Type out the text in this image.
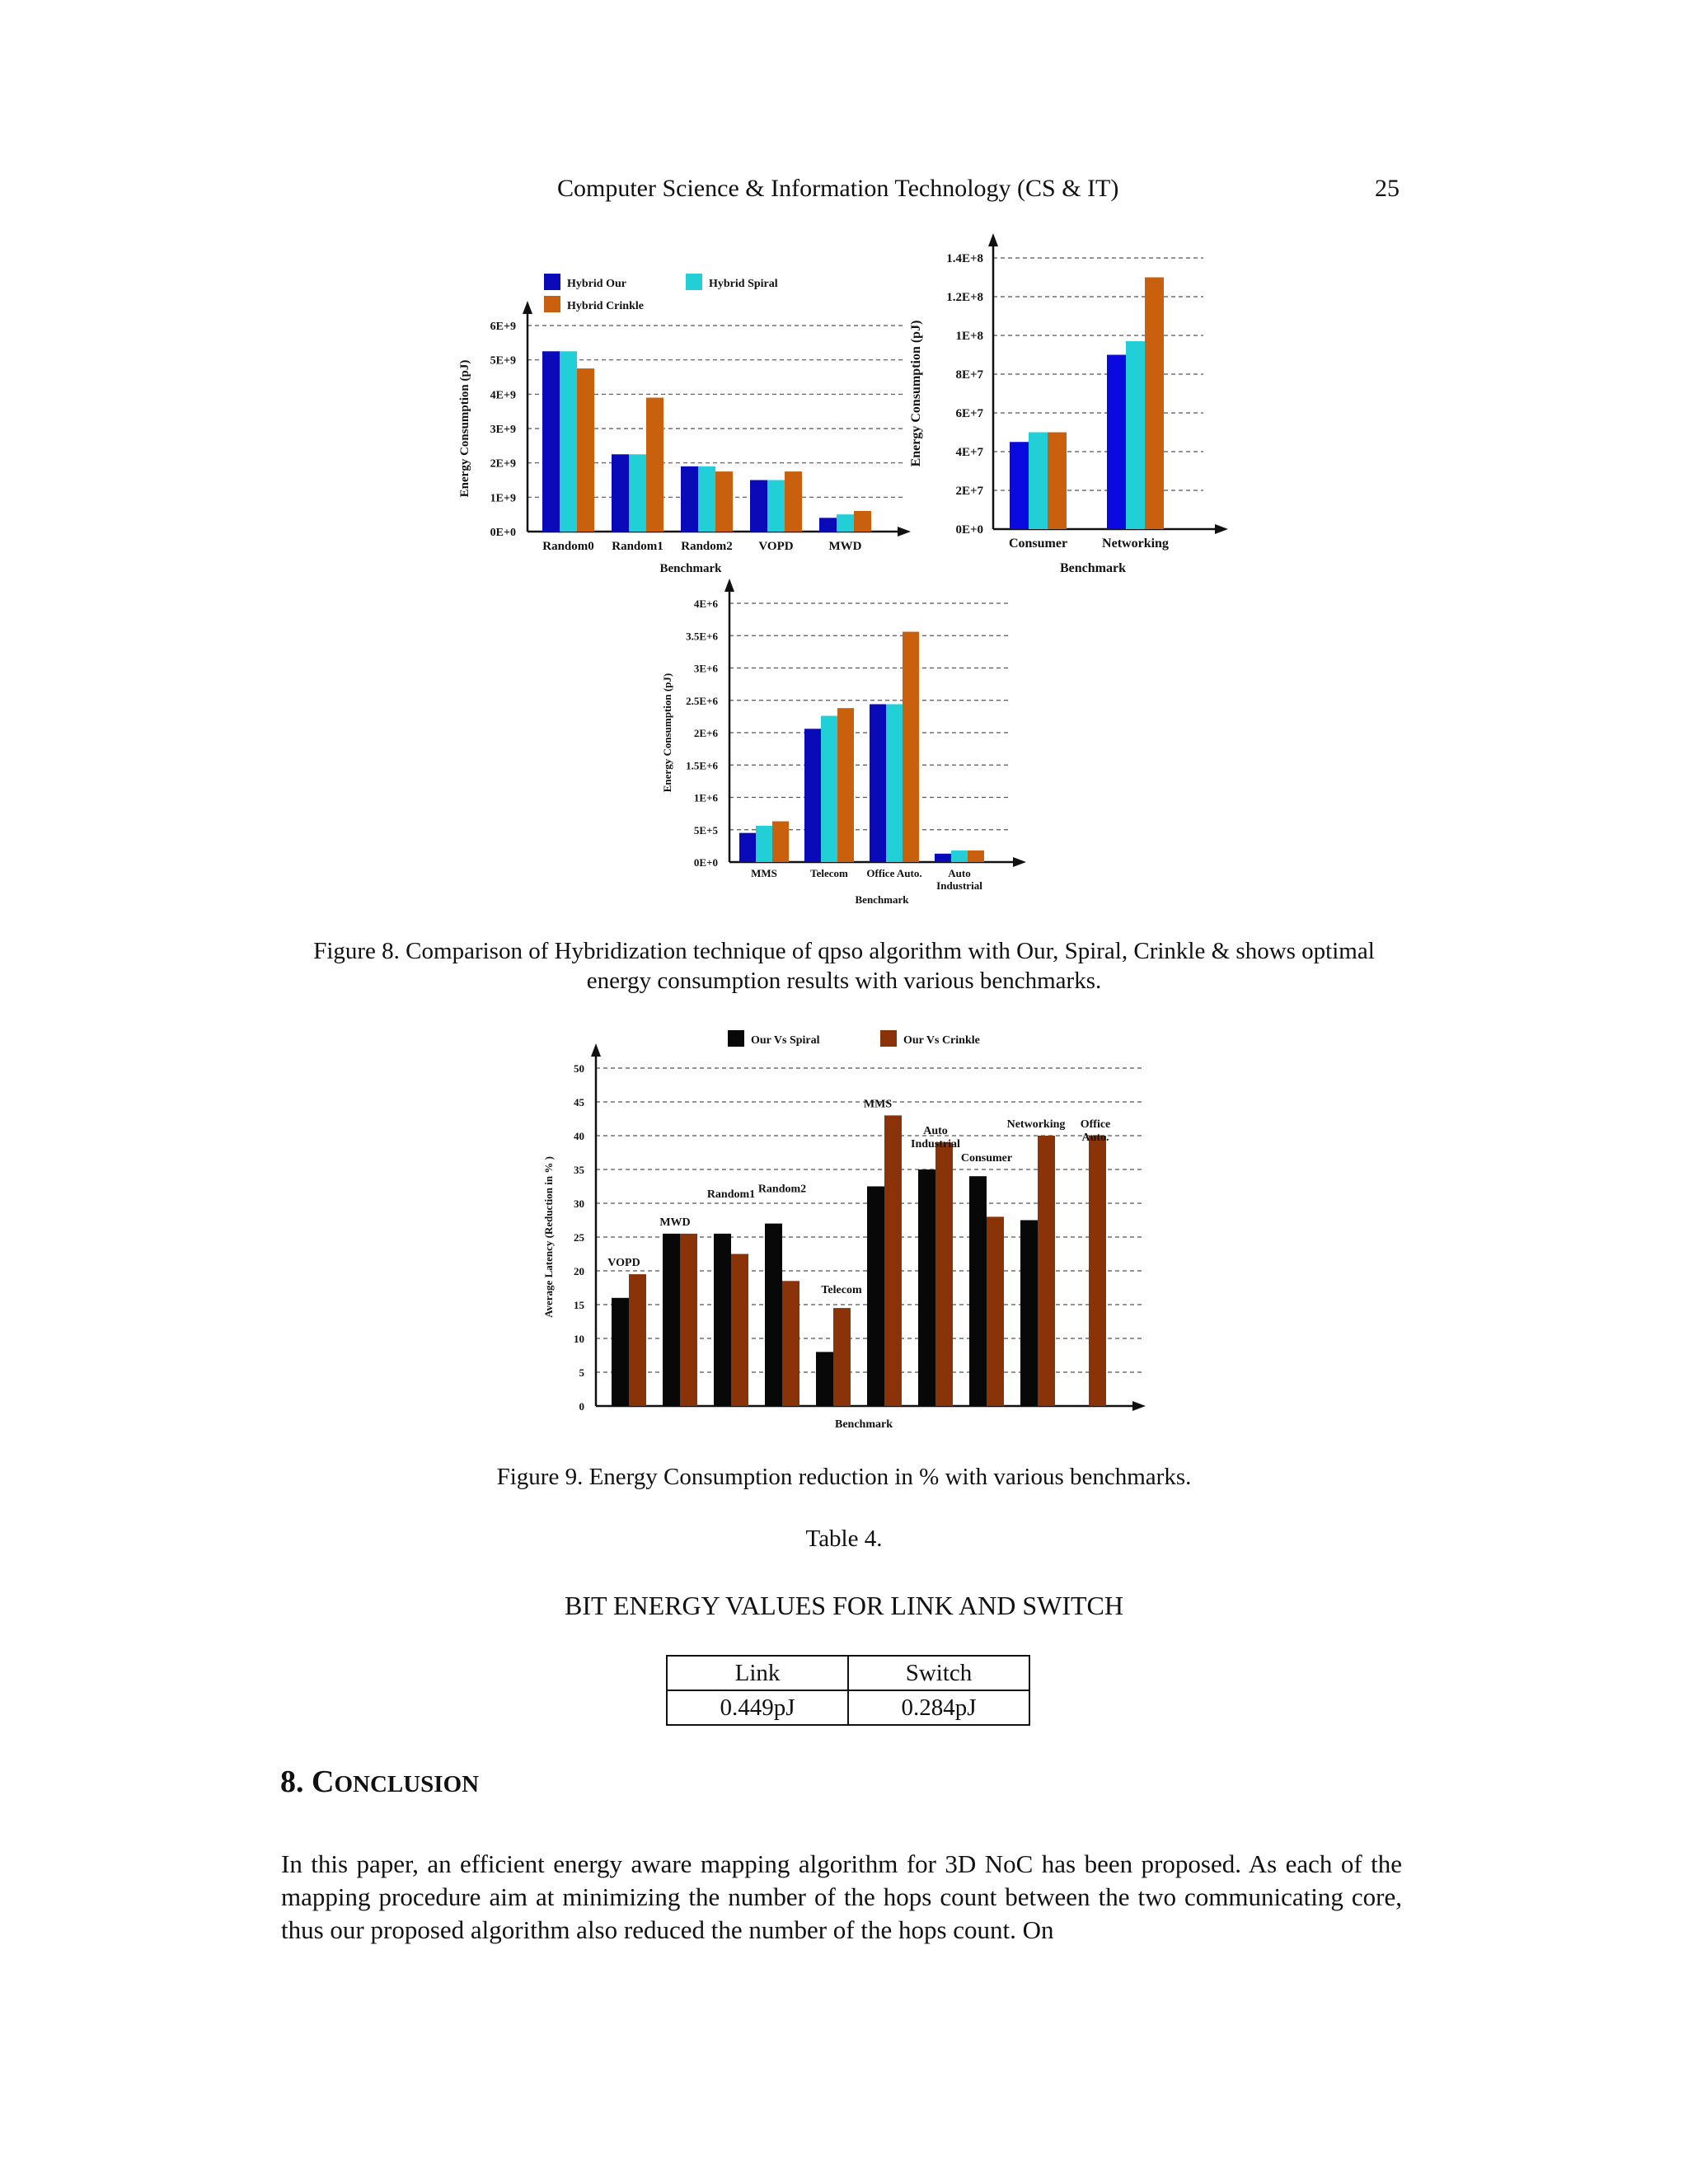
Computer Science & Information Technology (CS & IT)	25
0E+0
1E+9
2E+9
3E+9
4E+9
5E+9
6E+9
Random0 Random1 Random2 VOPD	MWD
Benchmark
Energy Consumption (pJ)
Hybrid Our	Hybrid Spiral
Hybrid Crinkle
0E+0
2E+7
4E+7
6E+7
8E+7
1E+8
1.2E+8
1.4E+8
Consumer	Networking
Benchmark
Energy Consumption (pJ)
0E+0
5E+5
1E+6
1.5E+6
2E+6
2.5E+6
3E+6
3.5E+6
4E+6
MMS	Telecom Office Auto. Auto
Industrial
Benchmark
Energy Consumption (pJ)
Figure 8. Comparison of Hybridization technique of qpso algorithm with Our, Spiral, Crinkle & shows optimal energy consumption results with various benchmarks.
0
5
10
15
20
25
30
35
40
45
50
VOPD
MWD
Random1 Random2
Telecom
MMS
Auto
Industrial
Consumer
Networking Office
Auto.
Benchmark
Average Latency (Reduction in % )
Our Vs Spiral	Our Vs Crinkle
Figure 9. Energy Consumption reduction in % with various benchmarks.
Table 4.
BIT ENERGY VALUES FOR LINK AND SWITCH
Link	Switch
0.449pJ	0.284pJ
8. CONCLUSION
In this paper, an efficient energy aware mapping algorithm for 3D NoC has been proposed. As each of the mapping procedure aim at minimizing the number of the hops count between the two communicating core, thus our proposed algorithm also reduced the number of the hops count. On
